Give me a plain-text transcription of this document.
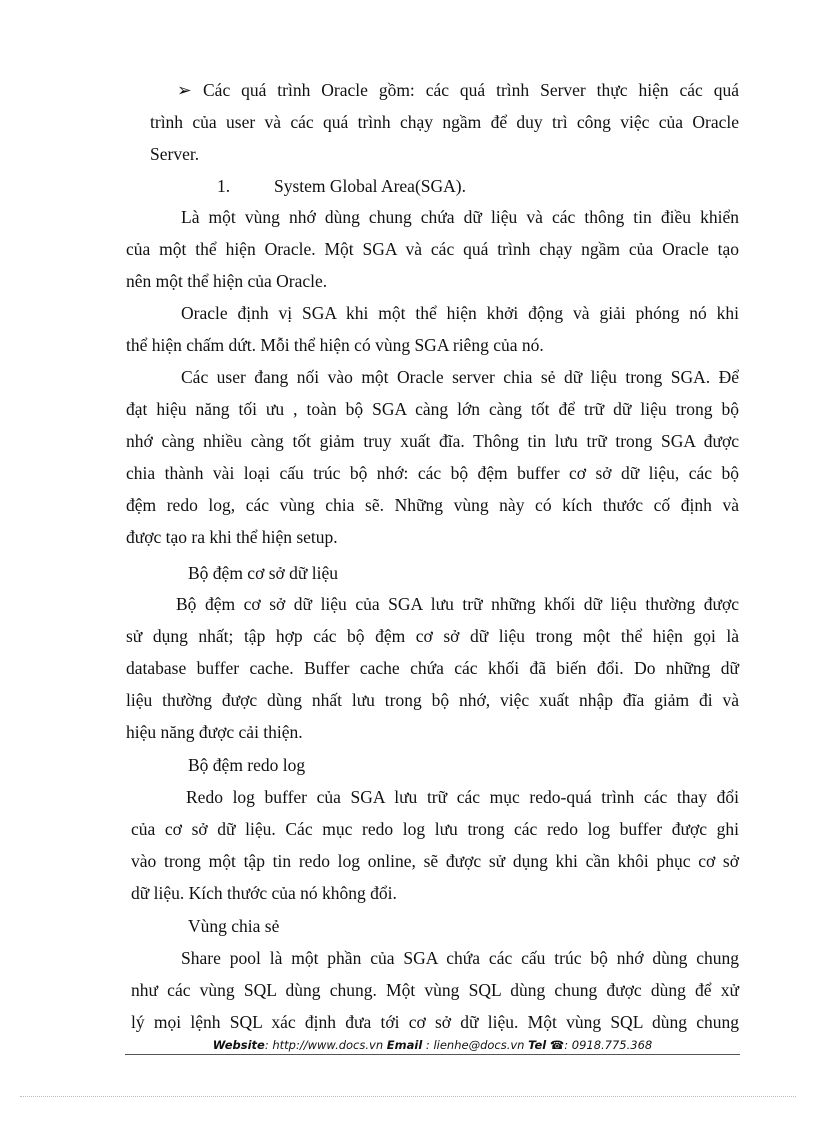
➢ Các quá trình Oracle gồm: các quá trình Server thực hiện các quá
trình của user và các quá trình chạy ngầm để duy trì công việc của Oracle
Server.
1.	System Global Area(SGA).
Là một vùng nhớ dùng chung chứa dữ liệu và các thông tin điều khiển
của một thể hiện Oracle. Một SGA và các quá trình chạy ngầm của Oracle tạo
nên một thể hiện của Oracle.
Oracle định vị SGA khi một thể hiện khởi động và giải phóng nó khi
thể hiện chấm dứt. Mỗi thể hiện có vùng SGA riêng của nó.
Các user đang nối vào một Oracle server chia sẻ dữ liệu trong SGA. Để
đạt hiệu năng tối ưu , toàn bộ SGA càng lớn càng tốt để trữ dữ liệu trong bộ
nhớ càng nhiều càng tốt giảm truy xuất đĩa. Thông tin lưu trữ trong SGA được
chia thành vài loại cấu trúc bộ nhớ: các bộ đệm buffer cơ sở dữ liệu, các bộ
đệm redo log, các vùng chia sẽ. Những vùng này có kích thước cố định và
được tạo ra khi thể hiện setup.
Bộ đệm cơ sở dữ liệu
Bộ đệm cơ sở dữ liệu của SGA lưu trữ những khối dữ liệu thường được
sử dụng nhất; tập hợp các bộ đệm cơ sở dữ liệu trong một thể hiện gọi là
database buffer cache. Buffer cache chứa các khối đã biến đổi. Do những dữ
liệu thường được dùng nhất lưu trong bộ nhớ, việc xuất nhập đĩa giảm đi và
hiệu năng được cải thiện.
Bộ đệm redo log
Redo log buffer của SGA lưu trữ các mục redo-quá trình các thay đổi
của cơ sở dữ liệu. Các mục redo log lưu trong các redo log buffer được ghi
vào trong một tập tin redo log online, sẽ được sử dụng khi cần khôi phục cơ sở
dữ liệu. Kích thước của nó không đổi.
Vùng chia sẻ
Share pool là một phần của SGA chứa các cấu trúc bộ nhớ dùng chung
như các vùng SQL dùng chung. Một vùng SQL dùng chung được dùng để xử
lý mọi lệnh SQL xác định đưa tới cơ sở dữ liệu. Một vùng SQL dùng chung
Website: http://www.docs.vn Email : lienhe@docs.vn Tel ☎: 0918.775.368
